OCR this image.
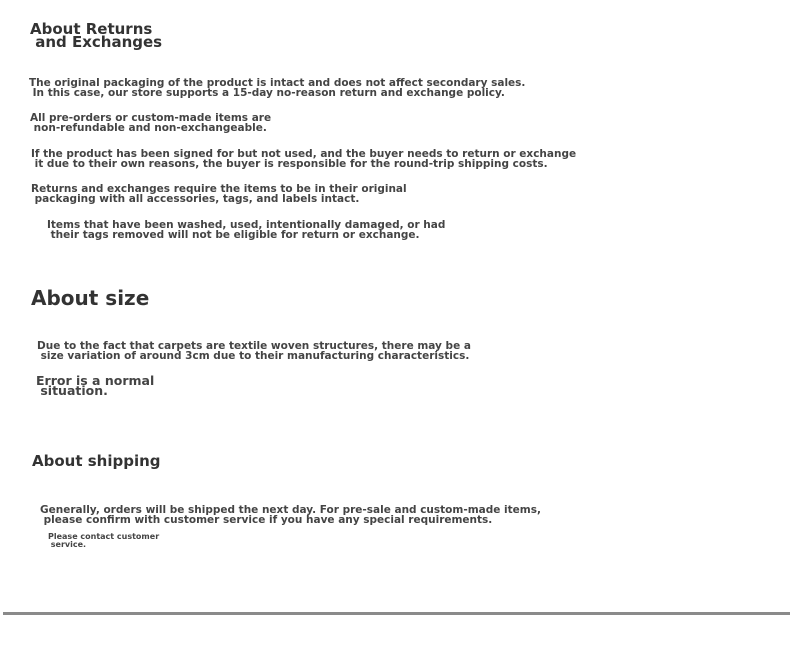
About Returns
and Exchanges

The original packaging of the product is intact and does not affect secondary sales.
In this case, our store supports a 15-day no-reason return and exchange policy.

All pre-orders or custom-made items are
non-refundable and non-exchangeable.

If the product has been signed for but not used, and the buyer needs to return or exchange
it due to their own reasons, the buyer is responsible for the round-trip shipping costs.

Returns and exchanges require the items to be in their original
packaging with all accessories, tags, and labels intact.

Items that have been washed, used, intentionally damaged, or had
their tags removed will not be eligible for return or exchange.

About size

Due to the fact that carpets are textile woven structures, there may be a
size variation of around 3cm due to their manufacturing characteristics.

Error is a normal
situation.

About shipping

Generally, orders will be shipped the next day. For pre-sale and custom-made items,
please confirm with customer service if you have any special requirements.

Please contact customer
service.
